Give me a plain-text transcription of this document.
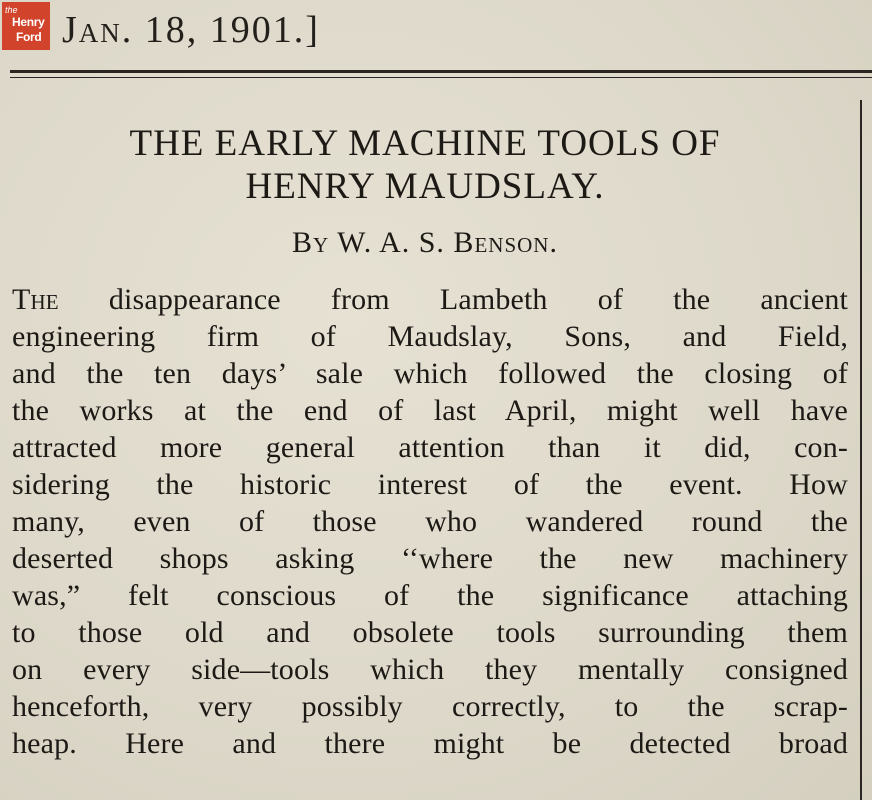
the
Henry
Ford Jan. 18, 1901.]
THE EARLY MACHINE TOOLS OF
HENRY MAUDSLAY.

By W. A. S. Benson.

The disappearance from Lambeth of the ancient

engineering firm of Maudslay, Sons, and Field,

and the ten days’ sale which followed the closing of

the works at the end of last April, might well have

attracted more general attention than it did, con-

sidering the historic interest of the event. How

many, even of those who wandered round the

deserted shops asking ‘‘where the new machinery

was,” felt conscious of the significance attaching

to those old and obsolete tools surrounding them

on every side—tools which they mentally consigned

henceforth, very possibly correctly, to the scrap-

heap. Here and there might be detected broad
